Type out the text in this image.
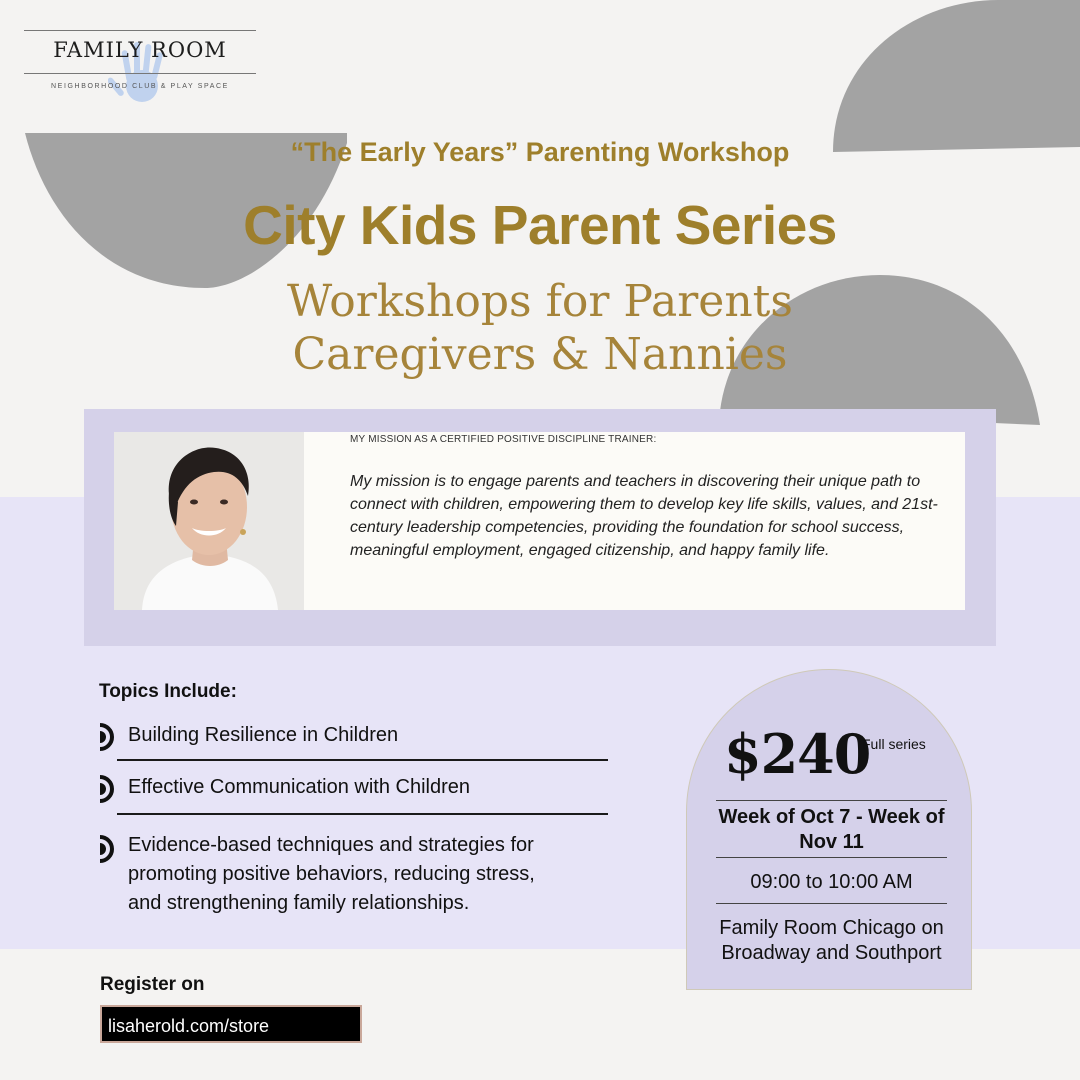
FAMILY ROOM
NEIGHBORHOOD CLUB & PLAY SPACE
“The Early Years” Parenting Workshop
City Kids Parent Series
Workshops for Parents
Caregivers & Nannies
MY MISSION AS A CERTIFIED POSITIVE DISCIPLINE TRAINER:
My mission is to engage parents and teachers in discovering their unique path to connect with children, empowering them to develop key life skills, values, and 21st-century leadership competencies, providing the foundation for school success, meaningful employment, engaged citizenship, and happy family life.
Topics Include:
Building Resilience in Children
Effective Communication with Children
Evidence-based techniques and strategies for promoting positive behaviors, reducing stress, and strengthening family relationships.
Register on
lisaherold.com/store
$240
Full series
Week of Oct 7 - Week of Nov 11
09:00 to 10:00 AM
Family Room Chicago on Broadway and Southport
